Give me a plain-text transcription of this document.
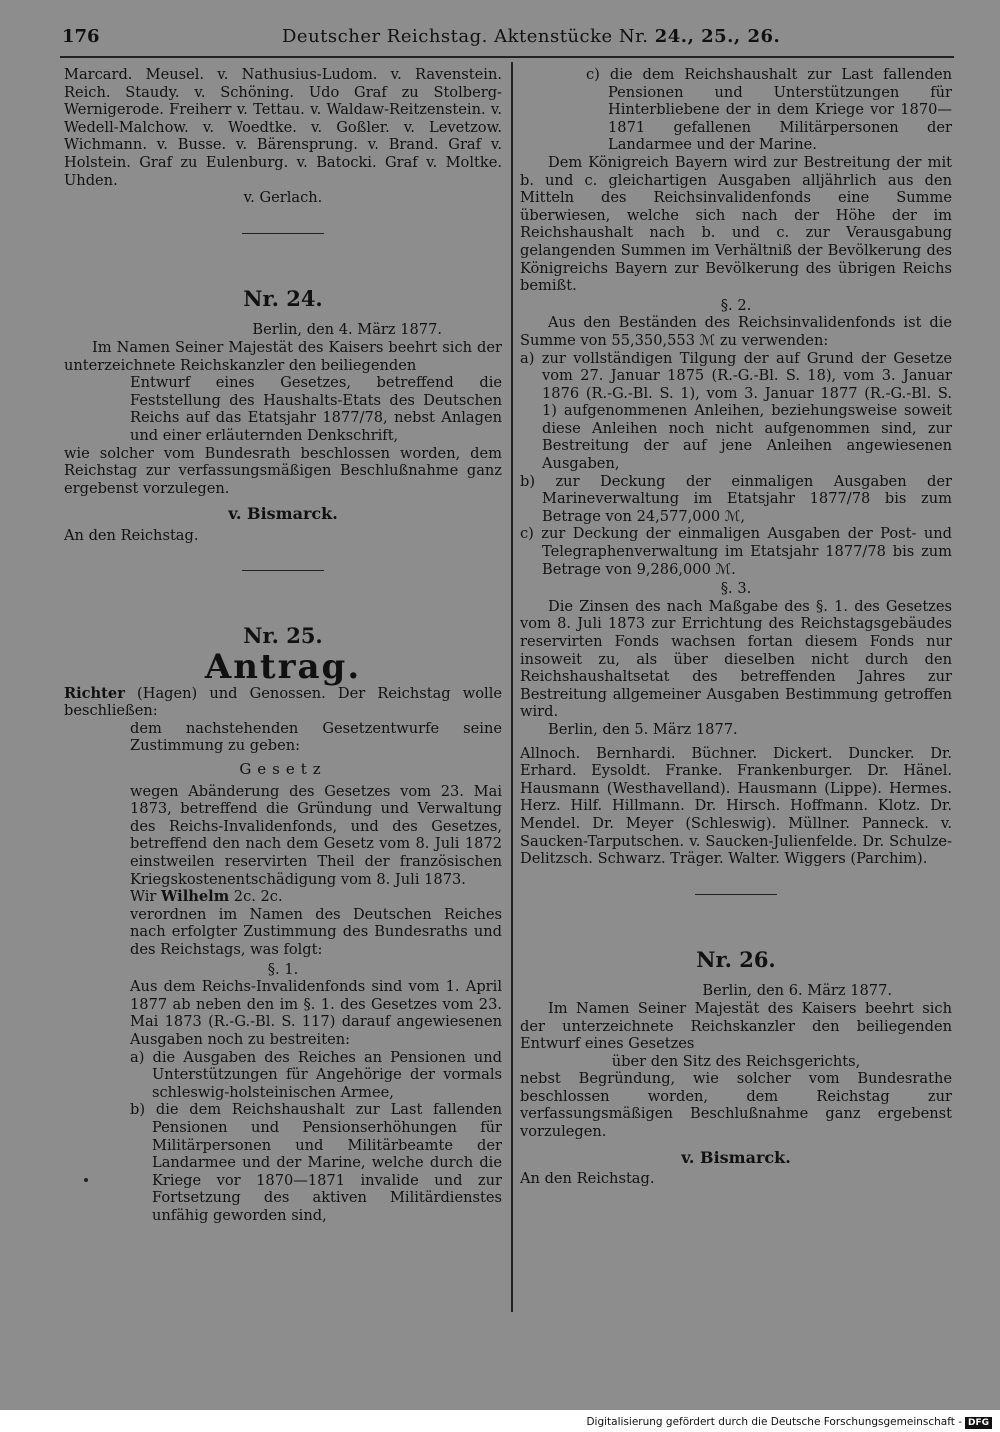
176	Deutscher Reichstag. Aktenstücke Nr. 24., 25., 26.

Marcard. Meusel. v. Nathusius-Ludom. v. Ravenstein. Reich. Staudy. v. Schöning. Udo Graf zu Stolberg-Wernigerode. Freiherr v. Tettau. v. Waldaw-Reitzenstein. v. Wedell-Malchow. v. Woedtke. v. Goßler. v. Levetzow. Wichmann. v. Busse. v. Bärensprung. v. Brand. Graf v. Holstein. Graf zu Eulenburg. v. Batocki. Graf v. Moltke. Uhden.

v. Gerlach.

Nr. 24.

Berlin, den 4. März 1877.

Im Namen Seiner Majestät des Kaisers beehrt sich der unterzeichnete Reichskanzler den beiliegenden

Entwurf eines Gesetzes, betreffend die Feststellung des Haushalts-Etats des Deutschen Reichs auf das Etatsjahr 1877/78, nebst Anlagen und einer erläuternden Denkschrift,

wie solcher vom Bundesrath beschlossen worden, dem Reichstag zur verfassungsmäßigen Beschlußnahme ganz ergebenst vorzulegen.

v. Bismarck.

An den Reichstag.

Nr. 25.
Antrag.

Richter (Hagen) und Genossen. Der Reichstag wolle beschließen:

dem nachstehenden Gesetzentwurfe seine Zustimmung zu geben:

Gesetz

wegen Abänderung des Gesetzes vom 23. Mai 1873, betreffend die Gründung und Verwaltung des Reichs-Invalidenfonds, und des Gesetzes, betreffend den nach dem Gesetz vom 8. Juli 1872 einstweilen reservirten Theil der französischen Kriegskostenentschädigung vom 8. Juli 1873.

Wir Wilhelm 2c. 2c.

verordnen im Namen des Deutschen Reiches nach erfolgter Zustimmung des Bundesraths und des Reichstags, was folgt:

§. 1.

Aus dem Reichs-Invalidenfonds sind vom 1. April 1877 ab neben den im §. 1. des Gesetzes vom 23. Mai 1873 (R.-G.-Bl. S. 117) darauf angewiesenen Ausgaben noch zu bestreiten:

a) die Ausgaben des Reiches an Pensionen und Unterstützungen für Angehörige der vormals schleswig-holsteinischen Armee,

b) die dem Reichshaushalt zur Last fallenden Pensionen und Pensionserhöhungen für Militärpersonen und Militärbeamte der Landarmee und der Marine, welche durch die Kriege vor 1870—1871 invalide und zur Fortsetzung des aktiven Militärdienstes unfähig geworden sind,

c) die dem Reichshaushalt zur Last fallenden Pensionen und Unterstützungen für Hinterbliebene der in dem Kriege vor 1870—1871 gefallenen Militärpersonen der Landarmee und der Marine.

Dem Königreich Bayern wird zur Bestreitung der mit b. und c. gleichartigen Ausgaben alljährlich aus den Mitteln des Reichsinvalidenfonds eine Summe überwiesen, welche sich nach der Höhe der im Reichshaushalt nach b. und c. zur Verausgabung gelangenden Summen im Verhältniß der Bevölkerung des Königreichs Bayern zur Bevölkerung des übrigen Reichs bemißt.

§. 2.

Aus den Beständen des Reichsinvalidenfonds ist die Summe von 55,350,553 ℳ zu verwenden:

a) zur vollständigen Tilgung der auf Grund der Gesetze vom 27. Januar 1875 (R.-G.-Bl. S. 18), vom 3. Januar 1876 (R.-G.-Bl. S. 1), vom 3. Januar 1877 (R.-G.-Bl. S. 1) aufgenommenen Anleihen, beziehungsweise soweit diese Anleihen noch nicht aufgenommen sind, zur Bestreitung der auf jene Anleihen angewiesenen Ausgaben,

b) zur Deckung der einmaligen Ausgaben der Marineverwaltung im Etatsjahr 1877/78 bis zum Betrage von 24,577,000 ℳ,

c) zur Deckung der einmaligen Ausgaben der Post- und Telegraphenverwaltung im Etatsjahr 1877/78 bis zum Betrage von 9,286,000 ℳ.

§. 3.

Die Zinsen des nach Maßgabe des §. 1. des Gesetzes vom 8. Juli 1873 zur Errichtung des Reichstagsgebäudes reservirten Fonds wachsen fortan diesem Fonds nur insoweit zu, als über dieselben nicht durch den Reichshaushaltsetat des betreffenden Jahres zur Bestreitung allgemeiner Ausgaben Bestimmung getroffen wird.

Berlin, den 5. März 1877.

Allnoch. Bernhardi. Büchner. Dickert. Duncker. Dr. Erhard. Eysoldt. Franke. Frankenburger. Dr. Hänel. Hausmann (Westhavelland). Hausmann (Lippe). Hermes. Herz. Hilf. Hillmann. Dr. Hirsch. Hoffmann. Klotz. Dr. Mendel. Dr. Meyer (Schleswig). Müllner. Panneck. v. Saucken-Tarputschen. v. Saucken-Julienfelde. Dr. Schulze-Delitzsch. Schwarz. Träger. Walter. Wiggers (Parchim).

Nr. 26.

Berlin, den 6. März 1877.

Im Namen Seiner Majestät des Kaisers beehrt sich der unterzeichnete Reichskanzler den beiliegenden Entwurf eines Gesetzes

über den Sitz des Reichsgerichts,

nebst Begründung, wie solcher vom Bundesrathe beschlossen worden, dem Reichstag zur verfassungsmäßigen Beschlußnahme ganz ergebenst vorzulegen.

v. Bismarck.

An den Reichstag.

Digitalisierung gefördert durch die Deutsche Forschungsgemeinschaft - DFG
